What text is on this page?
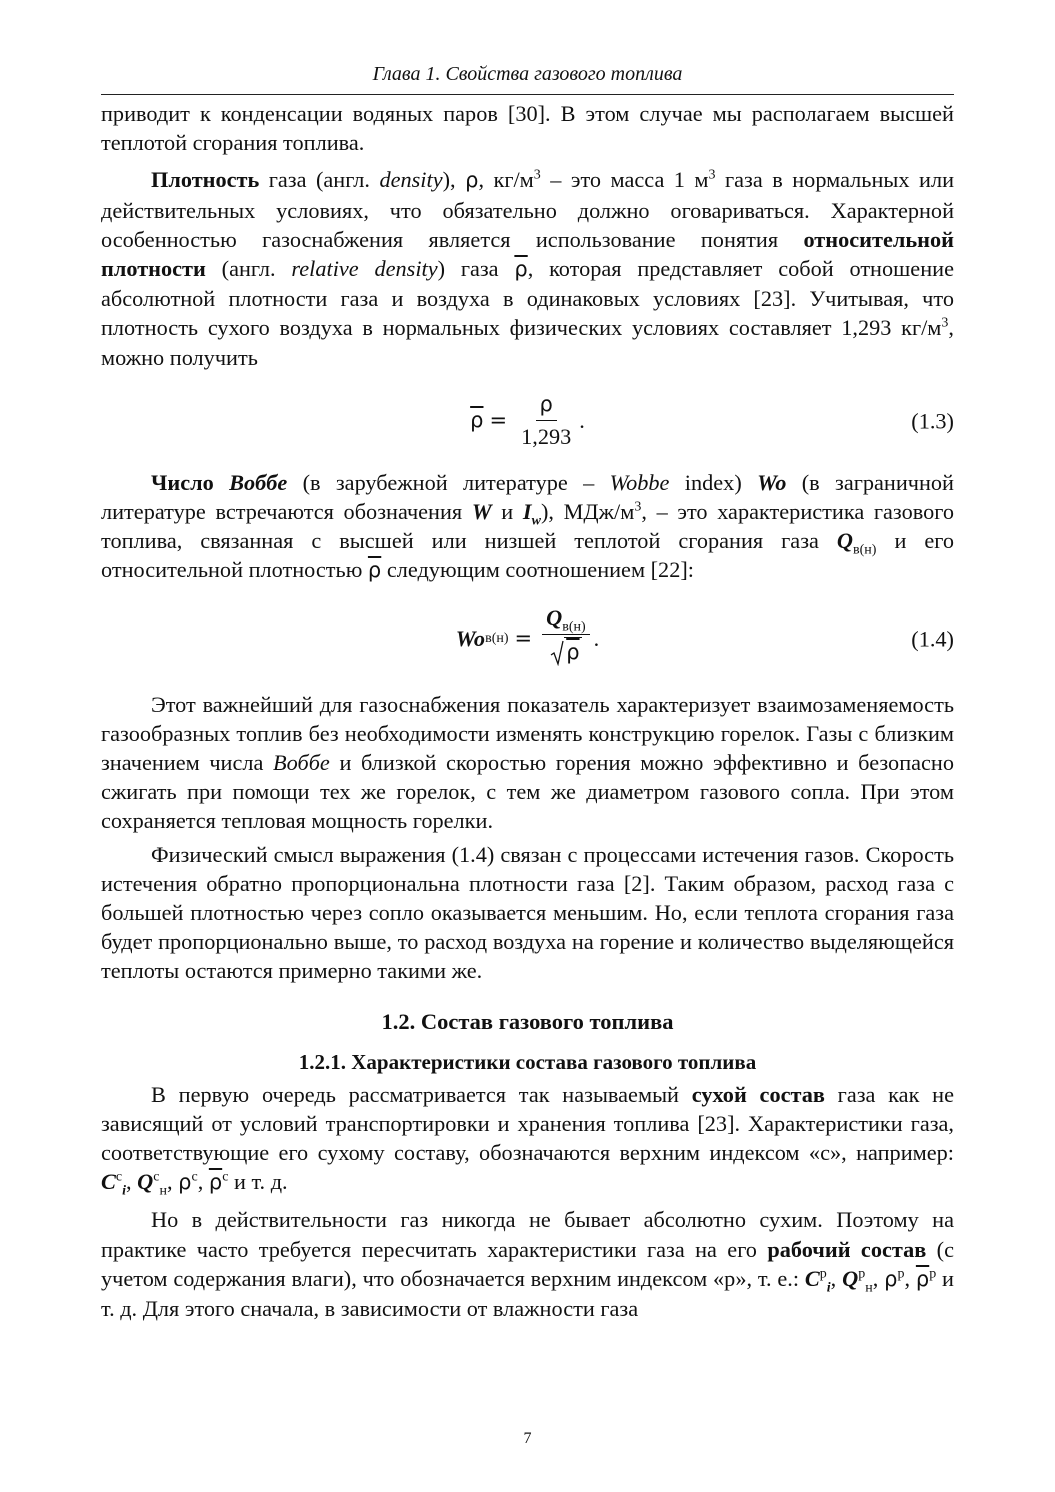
Глава 1. Свойства газового топлива

приводит к конденсации водяных паров [30]. В этом случае мы располагаем высшей теплотой сгорания топлива.

Плотность газа (англ. density), ρ, $кг/м^3$ – это масса 1 $м^3$ газа в нормальных или действительных условиях, что обязательно должно оговариваться. Характерной особенностью газоснабжения является использование понятия относительной плотности (англ. relative density) газа $\overline{\rho}$, которая представляет собой отношение абсолютной плотности газа и воздуха в одинаковых условиях [23]. Учитывая, что плотность сухого воздуха в нормальных физических условиях составляет 1,293 $кг/м^3$, можно получить

$\overline{\rho} = \frac{\rho}{1,293}$ .	(1.3)

Число Воббе (в зарубежной литературе – Wobbe index) Wo (в заграничной литературе встречаются обозначения W и $I_w$), МДж/$м^3$, – это характеристика газового топлива, связанная с высшей или низшей теплотой сгорания газа $Q_{в(н)}$ и его относительной плотностью $\overline{\rho}$ следующим соотношением [22]:

Wo $в(н) = \frac{Q_{в(н)}}{\overline{\rho}}$ .	(1.4)

Этот важнейший для газоснабжения показатель характеризует взаимозаменяемость газообразных топлив без необходимости изменять конструкцию горелок. Газы с близким значением числа Воббе и близкой скоростью горения можно эффективно и безопасно сжигать при помощи тех же горелок, с тем же диаметром газового сопла. При этом сохраняется тепловая мощность горелки.

Физический смысл выражения (1.4) связан с процессами истечения газов. Скорость истечения обратно пропорциональна плотности газа [2]. Таким образом, расход газа с большей плотностью через сопло оказывается меньшим. Но, если теплота сгорания газа будет пропорционально выше, то расход воздуха на горение и количество выделяющейся теплоты остаются примерно такими же.

1.2. Состав газового топлива
1.2.1. Характеристики состава газового топлива

В первую очередь рассматривается так называемый сухой состав газа как не зависящий от условий транспортировки и хранения топлива [23]. Характеристики газа, соответствующие его сухому составу, обозначаются верхним индексом «с», например: $C^с_i$, $Q^с_н$, $\rho^с$, $\overline{\rho}^с$ и т. д.

Но в действительности газ никогда не бывает абсолютно сухим. Поэтому на практике часто требуется пересчитать характеристики газа на его рабочий состав (с учетом содержания влаги), что обозначается верхним индексом «р», т. е.: $C^р_i$, $Q^р_н$, $\rho^р$, $\overline{\rho}^р$ и т. д. Для этого сначала, в зависимости от влажности газа

7
